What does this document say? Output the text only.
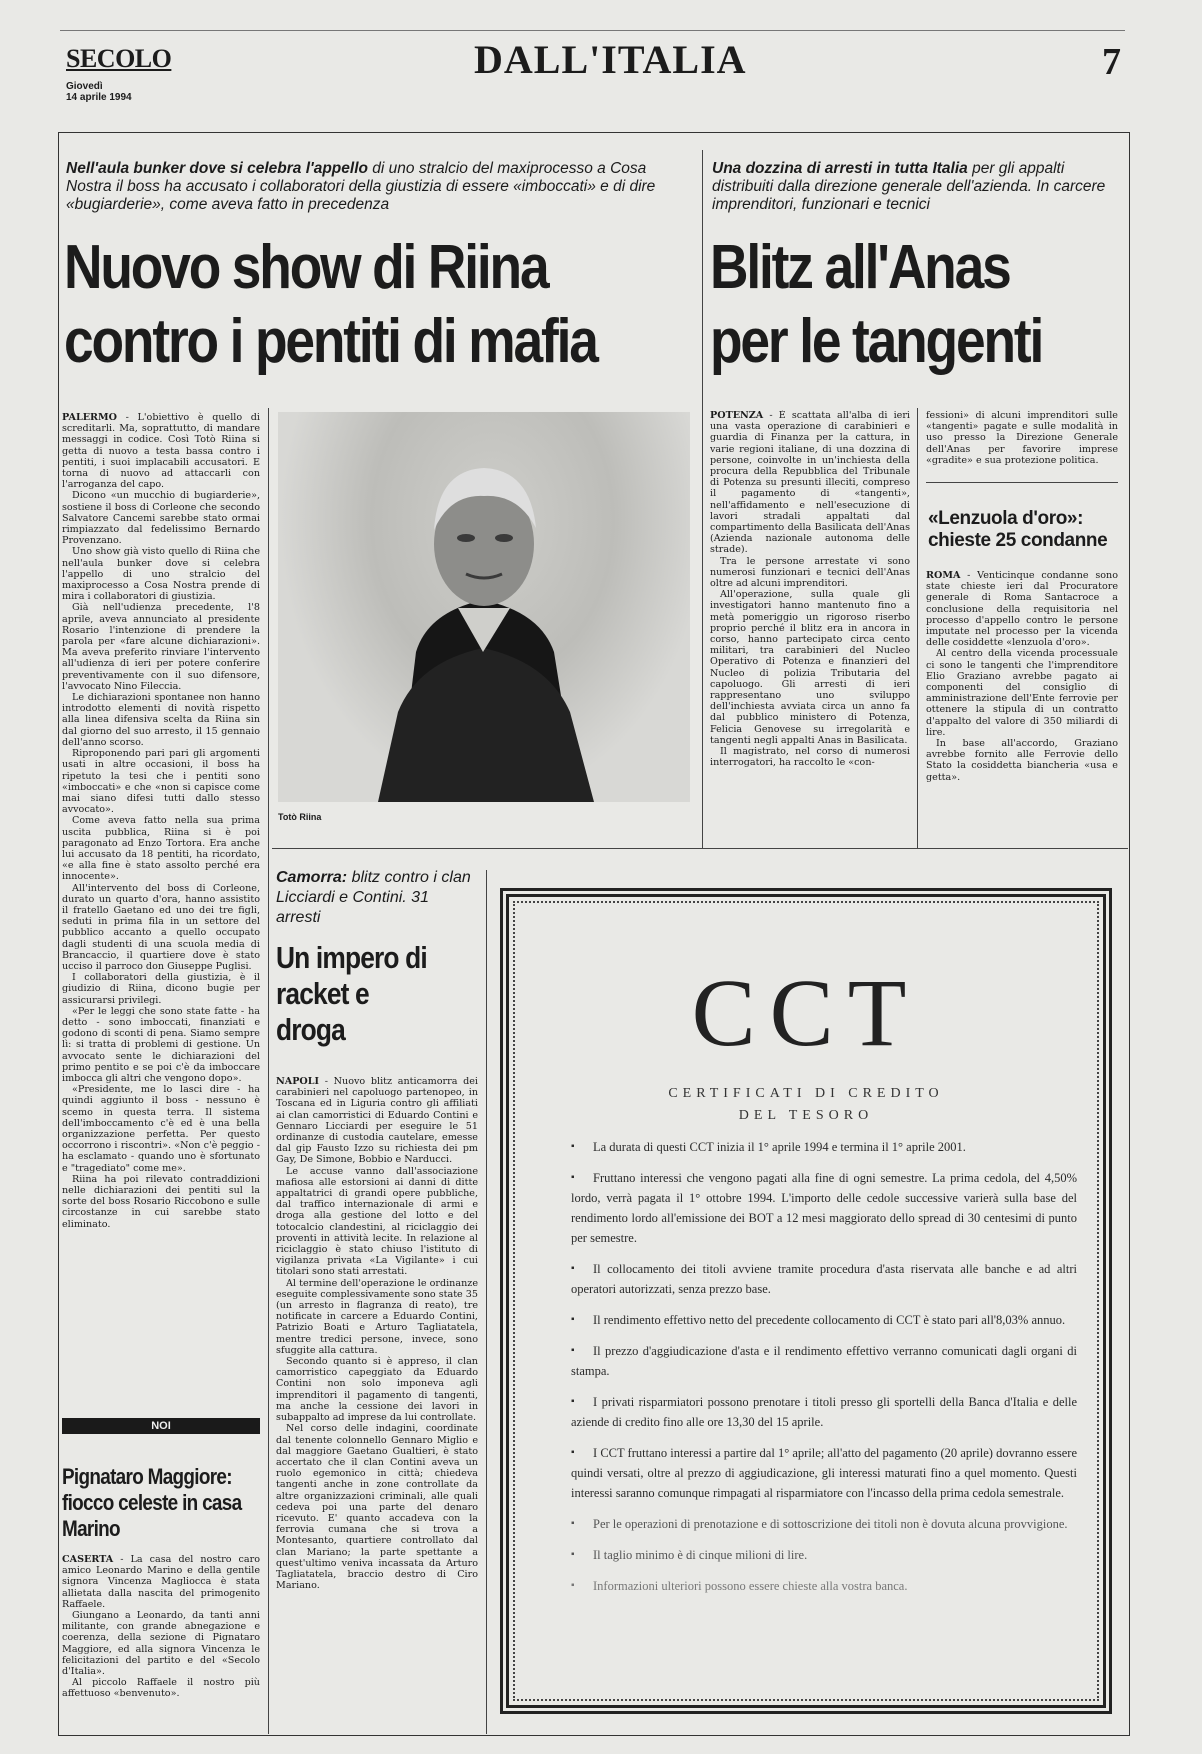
SECOLO
Giovedì
14 aprile 1994
DALL'ITALIA	7
Nell'aula bunker dove si celebra l'appello di uno stralcio del maxiprocesso a Cosa Nostra il boss ha accusato i collaboratori della giustizia di essere «imboccati» e di dire «bugiarderie», come aveva fatto in precedenza
Nuovo show di Riina
contro i pentiti di mafia

PALERMO - L'obiettivo è quello di screditarli. Ma, soprattutto, di mandare messaggi in codice. Così Totò Riina si getta di nuovo a testa bassa contro i pentiti, i suoi implacabili accusatori. E torna di nuovo ad attaccarli con l'arroganza del capo.

Dicono «un mucchio di bugiarderie», sostiene il boss di Corleone che secondo Salvatore Cancemi sarebbe stato ormai rimpiazzato dal fedelissimo Bernardo Provenzano.

Uno show già visto quello di Riina che nell'aula bunker dove si celebra l'appello di uno stralcio del maxiprocesso a Cosa Nostra prende di mira i collaboratori di giustizia.

Già nell'udienza precedente, l'8 aprile, aveva annunciato al presidente Rosario l'intenzione di prendere la parola per «fare alcune dichiarazioni». Ma aveva preferito rinviare l'intervento all'udienza di ieri per potere conferire preventivamente con il suo difensore, l'avvocato Nino Fileccia.

Le dichiarazioni spontanee non hanno introdotto elementi di novità rispetto alla linea difensiva scelta da Riina sin dal giorno del suo arresto, il 15 gennaio dell'anno scorso.

Riproponendo pari pari gli argomenti usati in altre occasioni, il boss ha ripetuto la tesi che i pentiti sono «imboccati» e che «non si capisce come mai siano difesi tutti dallo stesso avvocato».

Come aveva fatto nella sua prima uscita pubblica, Riina si è poi paragonato ad Enzo Tortora. Era anche lui accusato da 18 pentiti, ha ricordato, «e alla fine è stato assolto perché era innocente».

All'intervento del boss di Corleone, durato un quarto d'ora, hanno assistito il fratello Gaetano ed uno dei tre figli, seduti in prima fila in un settore del pubblico accanto a quello occupato dagli studenti di una scuola media di Brancaccio, il quartiere dove è stato ucciso il parroco don Giuseppe Puglisi.

I collaboratori della giustizia, è il giudizio di Riina, dicono bugie per assicurarsi privilegi.

«Per le leggi che sono state fatte - ha detto - sono imboccati, finanziati e godono di sconti di pena. Siamo sempre lì: si tratta di problemi di gestione. Un avvocato sente le dichiarazioni del primo pentito e se poi c'è da imboccare imbocca gli altri che vengono dopo».

«Presidente, me lo lasci dire - ha quindi aggiunto il boss - nessuno è scemo in questa terra. Il sistema dell'imboccamento c'è ed è una bella organizzazione perfetta. Per questo occorrono i riscontri». «Non c'è peggio - ha esclamato - quando uno è sfortunato e "tragediato" come me».

Riina ha poi rilevato contraddizioni nelle dichiarazioni dei pentiti sul la sorte del boss Rosario Riccobono e sulle circostanze in cui sarebbe stato eliminato.

Totò Riina
Una dozzina di arresti in tutta Italia per gli appalti distribuiti dalla direzione generale dell'azienda. In carcere imprenditori, funzionari e tecnici
Blitz all'Anas
per le tangenti

POTENZA - È scattata all'alba di ieri una vasta operazione di carabinieri e guardia di Finanza per la cattura, in varie regioni italiane, di una dozzina di persone, coinvolte in un'inchiesta della procura della Repubblica del Tribunale di Potenza su presunti illeciti, compreso il pagamento di «tangenti», nell'affidamento e nell'esecuzione di lavori stradali appaltati dal compartimento della Basilicata dell'Anas (Azienda nazionale autonoma delle strade).

Tra le persone arrestate vi sono numerosi funzionari e tecnici dell'Anas oltre ad alcuni imprenditori.

All'operazione, sulla quale gli investigatori hanno mantenuto fino a metà pomeriggio un rigoroso riserbo proprio perché il blitz era in ancora in corso, hanno partecipato circa cento militari, tra carabinieri del Nucleo Operativo di Potenza e finanzieri del Nucleo di polizia Tributaria del capoluogo. Gli arresti di ieri rappresentano uno sviluppo dell'inchiesta avviata circa un anno fa dal pubblico ministero di Potenza, Felicia Genovese su irregolarità e tangenti negli appalti Anas in Basilicata.

Il magistrato, nel corso di numerosi interrogatori, ha raccolto le «con-

fessioni» di alcuni imprenditori sulle «tangenti» pagate e sulle modalità in uso presso la Direzione Generale dell'Anas per favorire imprese «gradite» e sua protezione politica.

«Lenzuola d'oro»: chieste 25 condanne

ROMA - Venticinque condanne sono state chieste ieri dal Procuratore generale di Roma Santacroce a conclusione della requisitoria nel processo d'appello contro le persone imputate nel processo per la vicenda delle cosiddette «lenzuola d'oro».

Al centro della vicenda processuale ci sono le tangenti che l'imprenditore Elio Graziano avrebbe pagato ai componenti del consiglio di amministrazione dell'Ente ferrovie per ottenere la stipula di un contratto d'appalto del valore di 350 miliardi di lire.

In base all'accordo, Graziano avrebbe fornito alle Ferrovie dello Stato la cosiddetta biancheria «usa e getta».

Camorra: blitz contro i clan Licciardi e Contini. 31 arresti
Un impero di racket e droga

NAPOLI - Nuovo blitz anticamorra dei carabinieri nel capoluogo partenopeo, in Toscana ed in Liguria contro gli affiliati ai clan camorristici di Eduardo Contini e Gennaro Licciardi per eseguire le 51 ordinanze di custodia cautelare, emesse dal gip Fausto Izzo su richiesta dei pm Gay, De Simone, Bobbio e Narducci.

Le accuse vanno dall'associazione mafiosa alle estorsioni ai danni di ditte appaltatrici di grandi opere pubbliche, dal traffico internazionale di armi e droga alla gestione del lotto e del totocalcio clandestini, al riciclaggio dei proventi in attività lecite. In relazione al riciclaggio è stato chiuso l'istituto di vigilanza privata «La Vigilante» i cui titolari sono stati arrestati.

Al termine dell'operazione le ordinanze eseguite complessivamente sono state 35 (un arresto in flagranza di reato), tre notificate in carcere a Eduardo Contini, Patrizio Boati e Arturo Tagliatatela, mentre tredici persone, invece, sono sfuggite alla cattura.

Secondo quanto si è appreso, il clan camorristico capeggiato da Eduardo Contini non solo imponeva agli imprenditori il pagamento di tangenti, ma anche la cessione dei lavori in subappalto ad imprese da lui controllate.

Nel corso delle indagini, coordinate dal tenente colonnello Gennaro Miglio e dal maggiore Gaetano Gualtieri, è stato accertato che il clan Contini aveva un ruolo egemonico in città; chiedeva tangenti anche in zone controllate da altre organizzazioni criminali, alle quali cedeva poi una parte del denaro ricevuto. E' quanto accadeva con la ferrovia cumana che si trova a Montesanto, quartiere controllato dal clan Mariano; la parte spettante a quest'ultimo veniva incassata da Arturo Tagliatatela, braccio destro di Ciro Mariano.

NOI
Pignataro Maggiore: fiocco celeste in casa Marino

CASERTA - La casa del nostro caro amico Leonardo Marino e della gentile signora Vincenza Magliocca è stata allietata dalla nascita del primogenito Raffaele.

Giungano a Leonardo, da tanti anni militante, con grande abnegazione e coerenza, della sezione di Pignataro Maggiore, ed alla signora Vincenza le felicitazioni del partito e del «Secolo d'Italia».

Al piccolo Raffaele il nostro più affettuoso «benvenuto».

CCT
CERTIFICATI DI CREDITO
DEL TESORO
▪ La durata di questi CCT inizia il 1° aprile 1994 e termina il 1° aprile 2001.
▪ Fruttano interessi che vengono pagati alla fine di ogni semestre. La prima cedola, del 4,50% lordo, verrà pagata il 1° ottobre 1994. L'importo delle cedole successive varierà sulla base del rendimento lordo all'emissione dei BOT a 12 mesi maggiorato dello spread di 30 centesimi di punto per semestre.
▪ Il collocamento dei titoli avviene tramite procedura d'asta riservata alle banche e ad altri operatori autorizzati, senza prezzo base.
▪ Il rendimento effettivo netto del precedente collocamento di CCT è stato pari all'8,03% annuo.
▪ Il prezzo d'aggiudicazione d'asta e il rendimento effettivo verranno comunicati dagli organi di stampa.
▪ I privati risparmiatori possono prenotare i titoli presso gli sportelli della Banca d'Italia e delle aziende di credito fino alle ore 13,30 del 15 aprile.
▪ I CCT fruttano interessi a partire dal 1° aprile; all'atto del pagamento (20 aprile) dovranno essere quindi versati, oltre al prezzo di aggiudicazione, gli interessi maturati fino a quel momento. Questi interessi saranno comunque rimpagati al risparmiatore con l'incasso della prima cedola semestrale.
▪ Per le operazioni di prenotazione e di sottoscrizione dei titoli non è dovuta alcuna provvigione.
▪ Il taglio minimo è di cinque milioni di lire.
▪ Informazioni ulteriori possono essere chieste alla vostra banca.
